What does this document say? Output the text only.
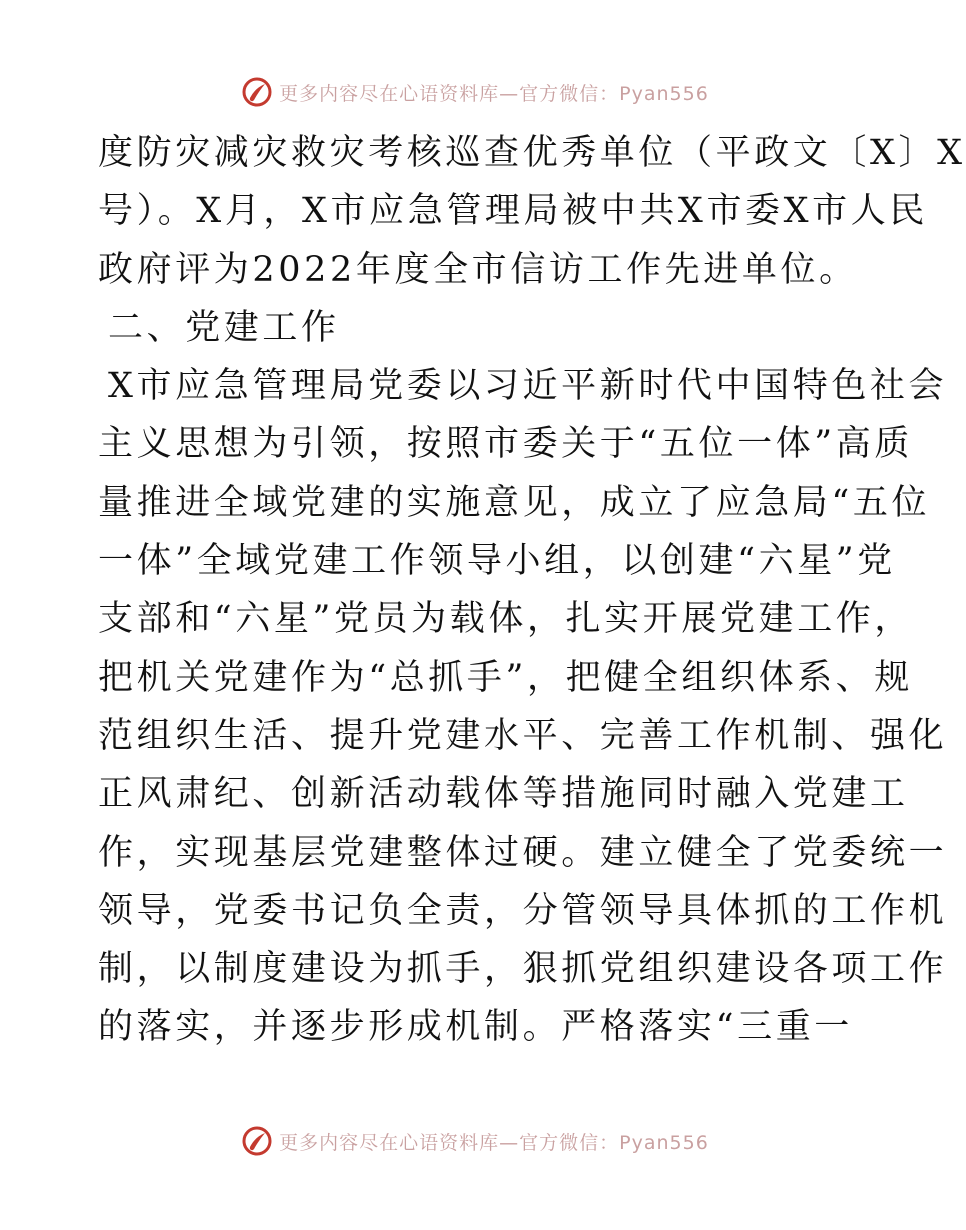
更多内容尽在心语资料库—官方微信：Pyan556
度防灾减灾救灾考核巡查优秀单位（平政文〔X〕X
号）。X月，X市应急管理局被中共X市委X市人民
政府评为2022年度全市信访工作先进单位。
二、党建工作
X市应急管理局党委以习近平新时代中国特色社会
主义思想为引领，按照市委关于“五位一体”高质
量推进全域党建的实施意见，成立了应急局“五位
一体”全域党建工作领导小组，以创建“六星”党
支部和“六星”党员为载体，扎实开展党建工作，
把机关党建作为“总抓手”，把健全组织体系、规
范组织生活、提升党建水平、完善工作机制、强化
正风肃纪、创新活动载体等措施同时融入党建工
作，实现基层党建整体过硬。建立健全了党委统一
领导，党委书记负全责，分管领导具体抓的工作机
制，以制度建设为抓手，狠抓党组织建设各项工作
的落实，并逐步形成机制。严格落实“三重一
更多内容尽在心语资料库—官方微信：Pyan556
